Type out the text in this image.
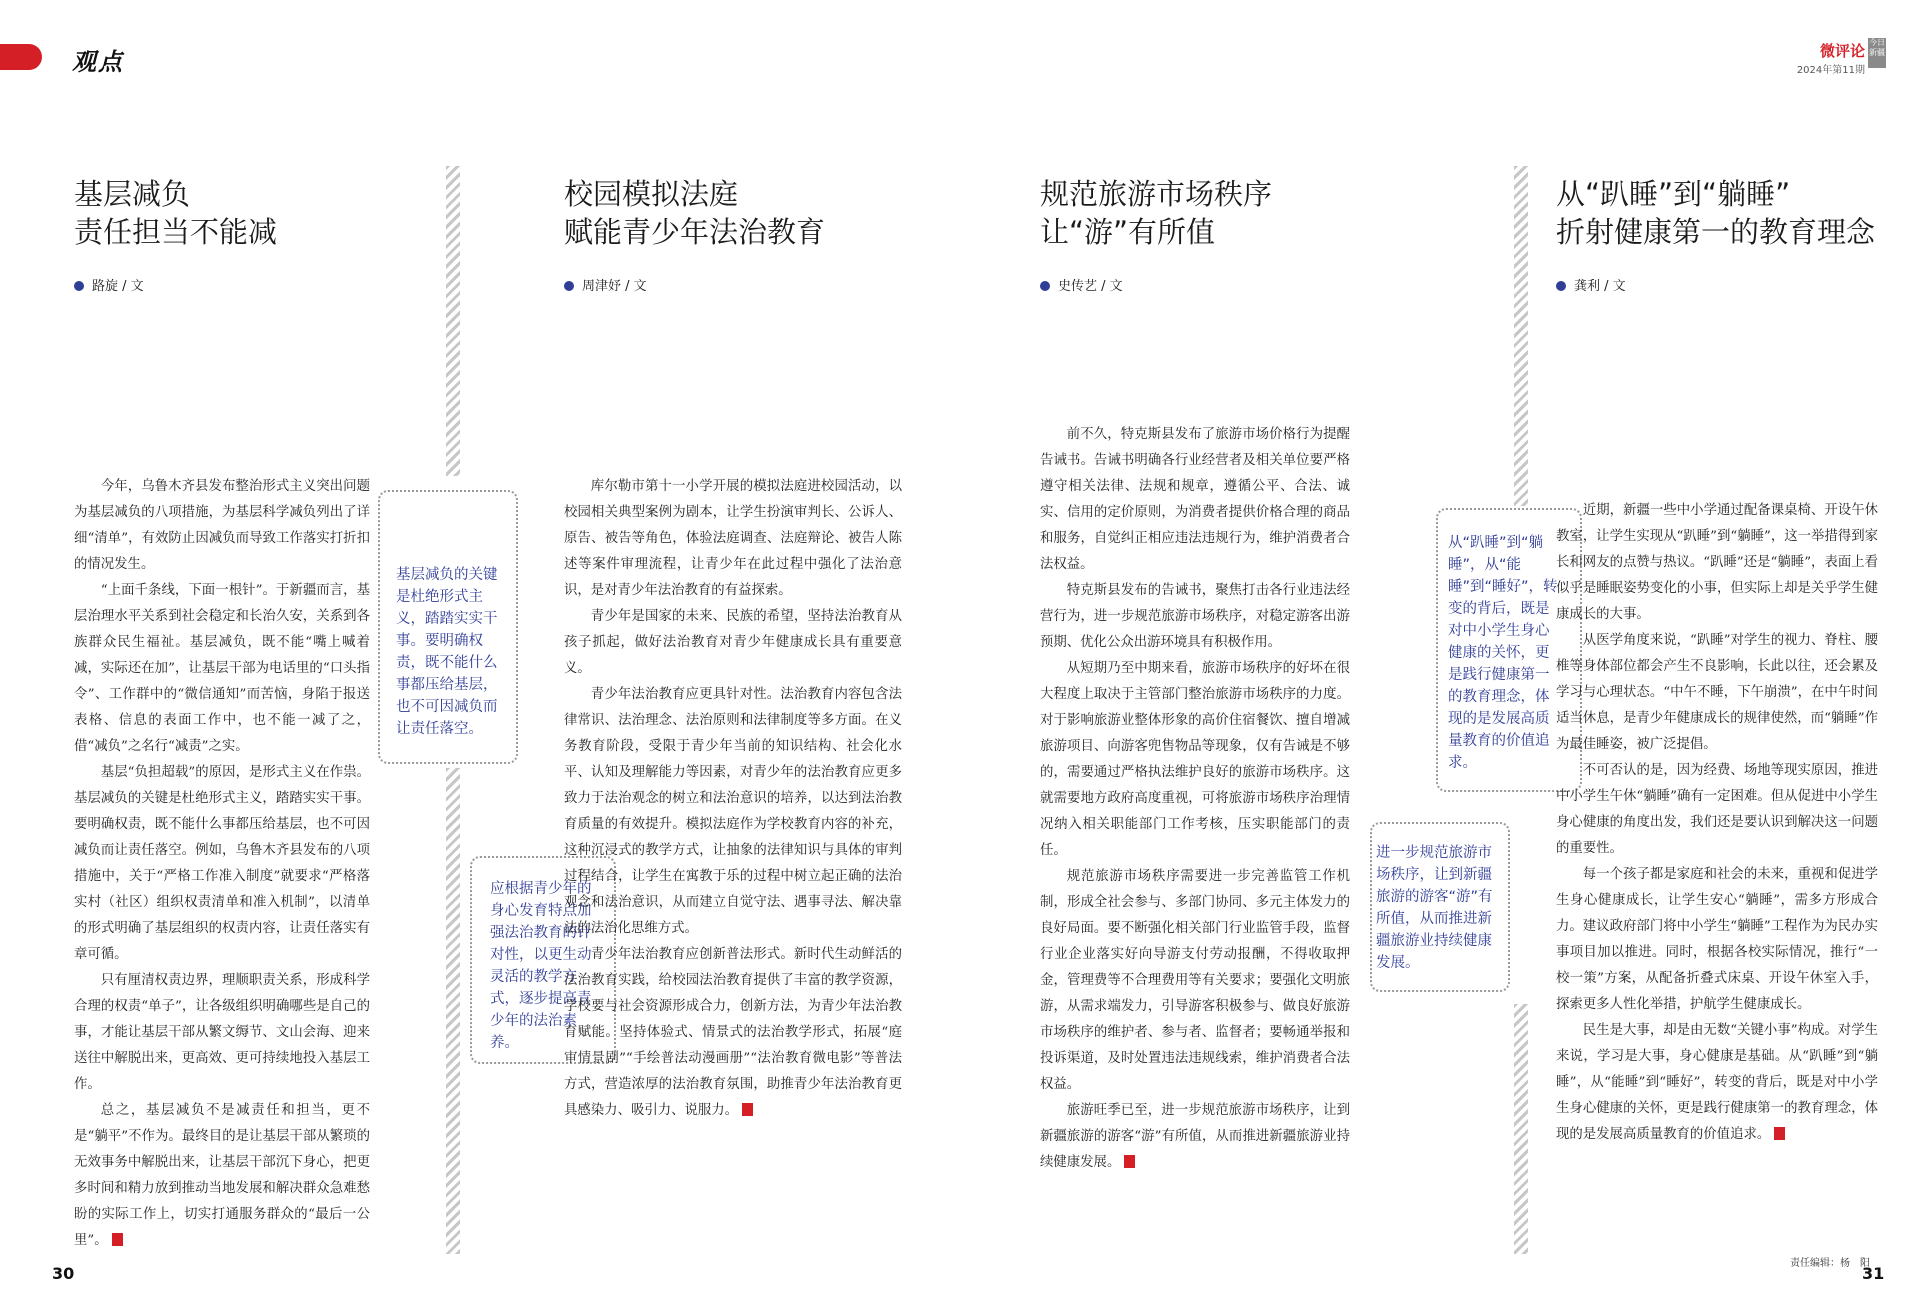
观点	微评论
2024年第11期
今日新疆
基层减负
责任担当不能减
路旋 / 文

今年，乌鲁木齐县发布整治形式主义突出问题为基层减负的八项措施，为基层科学减负列出了详细“清单”，有效防止因减负而导致工作落实打折扣的情况发生。

“上面千条线，下面一根针”。于新疆而言，基层治理水平关系到社会稳定和长治久安，关系到各族群众民生福祉。基层减负，既不能“嘴上喊着减，实际还在加”，让基层干部为电话里的“口头指令”、工作群中的“微信通知”而苦恼，身陷于报送表格、信息的表面工作中，也不能一减了之，借“减负”之名行“减责”之实。

基层“负担超载”的原因，是形式主义在作祟。基层减负的关键是杜绝形式主义，踏踏实实干事。要明确权责，既不能什么事都压给基层，也不可因减负而让责任落空。例如，乌鲁木齐县发布的八项措施中，关于“严格工作准入制度”就要求“严格落实村（社区）组织权责清单和准入机制”，以清单的形式明确了基层组织的权责内容，让责任落实有章可循。

只有厘清权责边界，理顺职责关系，形成科学合理的权责“单子”，让各级组织明确哪些是自己的事，才能让基层干部从繁文缛节、文山会海、迎来送往中解脱出来，更高效、更可持续地投入基层工作。

总之，基层减负不是减责任和担当，更不是“躺平”不作为。最终目的是让基层干部从繁琐的无效事务中解脱出来，让基层干部沉下身心，把更多时间和精力放到推动当地发展和解决群众急难愁盼的实际工作上，切实打通服务群众的“最后一公里”。

基层减负的关键是杜绝形式主义，踏踏实实干事。要明确权责，既不能什么事都压给基层，也不可因减负而让责任落空。
校园模拟法庭
赋能青少年法治教育
周津妤 / 文
应根据青少年的身心发育特点加强法治教育的针对性，以更生动灵活的教学方式，逐步提高青少年的法治素养。

库尔勒市第十一小学开展的模拟法庭进校园活动，以校园相关典型案例为剧本，让学生扮演审判长、公诉人、原告、被告等角色，体验法庭调查、法庭辩论、被告人陈述等案件审理流程，让青少年在此过程中强化了法治意识，是对青少年法治教育的有益探索。

青少年是国家的未来、民族的希望，坚持法治教育从孩子抓起，做好法治教育对青少年健康成长具有重要意义。

青少年法治教育应更具针对性。法治教育内容包含法律常识、法治理念、法治原则和法律制度等多方面。在义务教育阶段，受限于青少年当前的知识结构、社会化水平、认知及理解能力等因素，对青少年的法治教育应更多致力于法治观念的树立和法治意识的培养，以达到法治教育质量的有效提升。模拟法庭作为学校教育内容的补充，这种沉浸式的教学方式，让抽象的法律知识与具体的审判过程结合，让学生在寓教于乐的过程中树立起正确的法治观念和法治意识，从而建立自觉守法、遇事寻法、解决靠法的法治化思维方式。

青少年法治教育应创新普法形式。新时代生动鲜活的法治教育实践，给校园法治教育提供了丰富的教学资源，学校要与社会资源形成合力，创新方法，为青少年法治教育赋能。坚持体验式、情景式的法治教学形式，拓展“庭审情景剧”“手绘普法动漫画册”“法治教育微电影”等普法方式，营造浓厚的法治教育氛围，助推青少年法治教育更具感染力、吸引力、说服力。

规范旅游市场秩序
让“游”有所值
史传艺 / 文

前不久，特克斯县发布了旅游市场价格行为提醒告诫书。告诫书明确各行业经营者及相关单位要严格遵守相关法律、法规和规章，遵循公平、合法、诚实、信用的定价原则，为消费者提供价格合理的商品和服务，自觉纠正相应违法违规行为，维护消费者合法权益。

特克斯县发布的告诫书，聚焦打击各行业违法经营行为，进一步规范旅游市场秩序，对稳定游客出游预期、优化公众出游环境具有积极作用。

从短期乃至中期来看，旅游市场秩序的好坏在很大程度上取决于主管部门整治旅游市场秩序的力度。对于影响旅游业整体形象的高价住宿餐饮、擅自增减旅游项目、向游客兜售物品等现象，仅有告诫是不够的，需要通过严格执法维护良好的旅游市场秩序。这就需要地方政府高度重视，可将旅游市场秩序治理情况纳入相关职能部门工作考核，压实职能部门的责任。

规范旅游市场秩序需要进一步完善监管工作机制，形成全社会参与、多部门协同、多元主体发力的良好局面。要不断强化相关部门行业监管手段，监督行业企业落实好向导游支付劳动报酬，不得收取押金，管理费等不合理费用等有关要求；要强化文明旅游，从需求端发力，引导游客积极参与、做良好旅游市场秩序的维护者、参与者、监督者；要畅通举报和投诉渠道，及时处置违法违规线索，维护消费者合法权益。

旅游旺季已至，进一步规范旅游市场秩序，让到新疆旅游的游客“游”有所值，从而推进新疆旅游业持续健康发展。

进一步规范旅游市场秩序，让到新疆旅游的游客“游”有所值，从而推进新疆旅游业持续健康发展。
从“趴睡”到“躺睡”
折射健康第一的教育理念
龚利 / 文
从“趴睡”到“躺睡”，从“能睡”到“睡好”，转变的背后，既是对中小学生身心健康的关怀，更是践行健康第一的教育理念，体现的是发展高质量教育的价值追求。

近期，新疆一些中小学通过配备课桌椅、开设午休教室，让学生实现从“趴睡”到“躺睡”，这一举措得到家长和网友的点赞与热议。“趴睡”还是“躺睡”，表面上看似乎是睡眠姿势变化的小事，但实际上却是关乎学生健康成长的大事。

从医学角度来说，“趴睡”对学生的视力、脊柱、腰椎等身体部位都会产生不良影响，长此以往，还会累及学习与心理状态。“中午不睡，下午崩溃”，在中午时间适当休息，是青少年健康成长的规律使然，而“躺睡”作为最佳睡姿，被广泛提倡。

不可否认的是，因为经费、场地等现实原因，推进中小学生午休“躺睡”确有一定困难。但从促进中小学生身心健康的角度出发，我们还是要认识到解决这一问题的重要性。

每一个孩子都是家庭和社会的未来，重视和促进学生身心健康成长，让学生安心“躺睡”，需多方形成合力。建议政府部门将中小学生“躺睡”工程作为为民办实事项目加以推进。同时，根据各校实际情况，推行“一校一策”方案，从配备折叠式床桌、开设午休室入手，探索更多人性化举措，护航学生健康成长。

民生是大事，却是由无数“关键小事”构成。对学生来说，学习是大事，身心健康是基础。从“趴睡”到“躺睡”，从“能睡”到“睡好”，转变的背后，既是对中小学生身心健康的关怀，更是践行健康第一的教育理念，体现的是发展高质量教育的价值追求。

30
责任编辑：杨　阳
31
